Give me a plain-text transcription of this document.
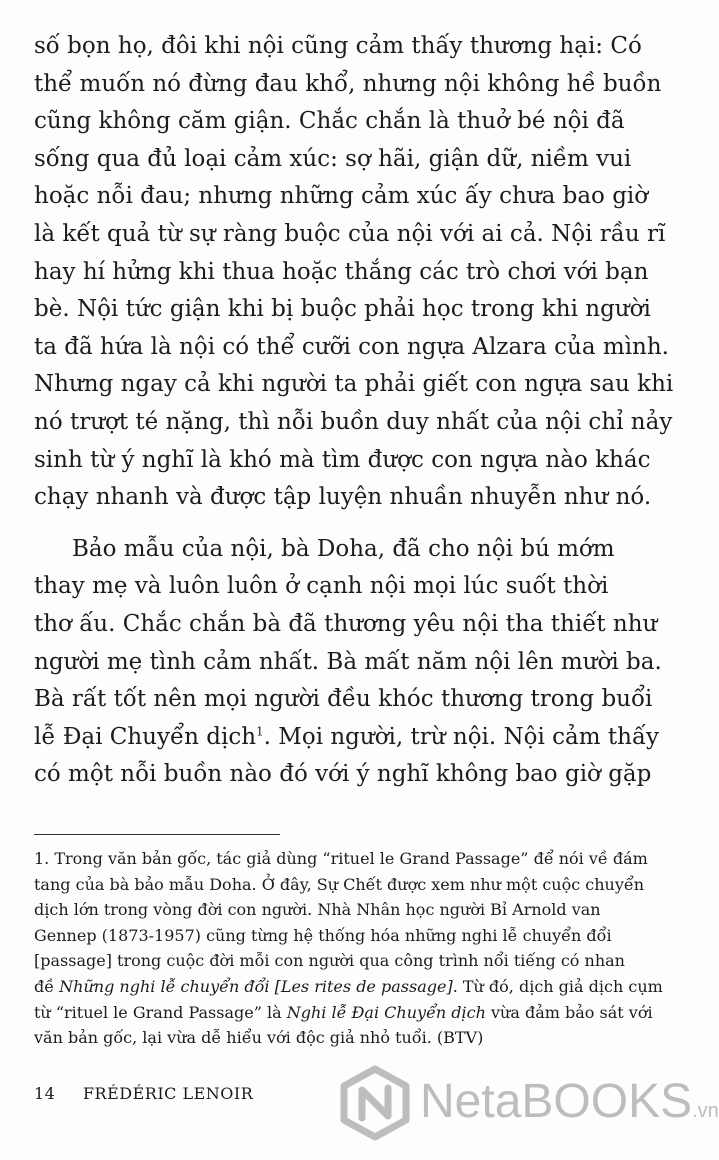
số bọn họ, đôi khi nội cũng cảm thấy thương hại: Có
thể muốn nó đừng đau khổ, nhưng nội không hề buồn
cũng không căm giận. Chắc chắn là thuở bé nội đã
sống qua đủ loại cảm xúc: sợ hãi, giận dữ, niềm vui
hoặc nỗi đau; nhưng những cảm xúc ấy chưa bao giờ
là kết quả từ sự ràng buộc của nội với ai cả. Nội rầu rĩ
hay hí hửng khi thua hoặc thắng các trò chơi với bạn
bè. Nội tức giận khi bị buộc phải học trong khi người
ta đã hứa là nội có thể cưỡi con ngựa Alzara của mình.
Nhưng ngay cả khi người ta phải giết con ngựa sau khi
nó trượt té nặng, thì nỗi buồn duy nhất của nội chỉ nảy
sinh từ ý nghĩ là khó mà tìm được con ngựa nào khác
chạy nhanh và được tập luyện nhuần nhuyễn như nó.
Bảo mẫu của nội, bà Doha, đã cho nội bú mớm
thay mẹ và luôn luôn ở cạnh nội mọi lúc suốt thời
thơ ấu. Chắc chắn bà đã thương yêu nội tha thiết như
người mẹ tình cảm nhất. Bà mất năm nội lên mười ba.
Bà rất tốt nên mọi người đều khóc thương trong buổi
lễ Đại Chuyển dịch$^1$. Mọi người, trừ nội. Nội cảm thấy
có một nỗi buồn nào đó với ý nghĩ không bao giờ gặp
1. Trong văn bản gốc, tác giả dùng “rituel le Grand Passage” để nói về đám
tang của bà bảo mẫu Doha. Ở đây, Sự Chết được xem như một cuộc chuyển
dịch lớn trong vòng đời con người. Nhà Nhân học người Bỉ Arnold van
Gennep (1873-1957) cũng từng hệ thống hóa những nghi lễ chuyển đổi
[passage] trong cuộc đời mỗi con người qua công trình nổi tiếng có nhan
đề Những nghi lễ chuyển đổi [Les rites de passage]. Từ đó, dịch giả dịch cụm
từ “rituel le Grand Passage” là Nghi lễ Đại Chuyển dịch vừa đảm bảo sát với
văn bản gốc, lại vừa dễ hiểu với độc giả nhỏ tuổi. (BTV)
14 FRÉDÉRIC LENOIR	NetaBOOKS.vn
